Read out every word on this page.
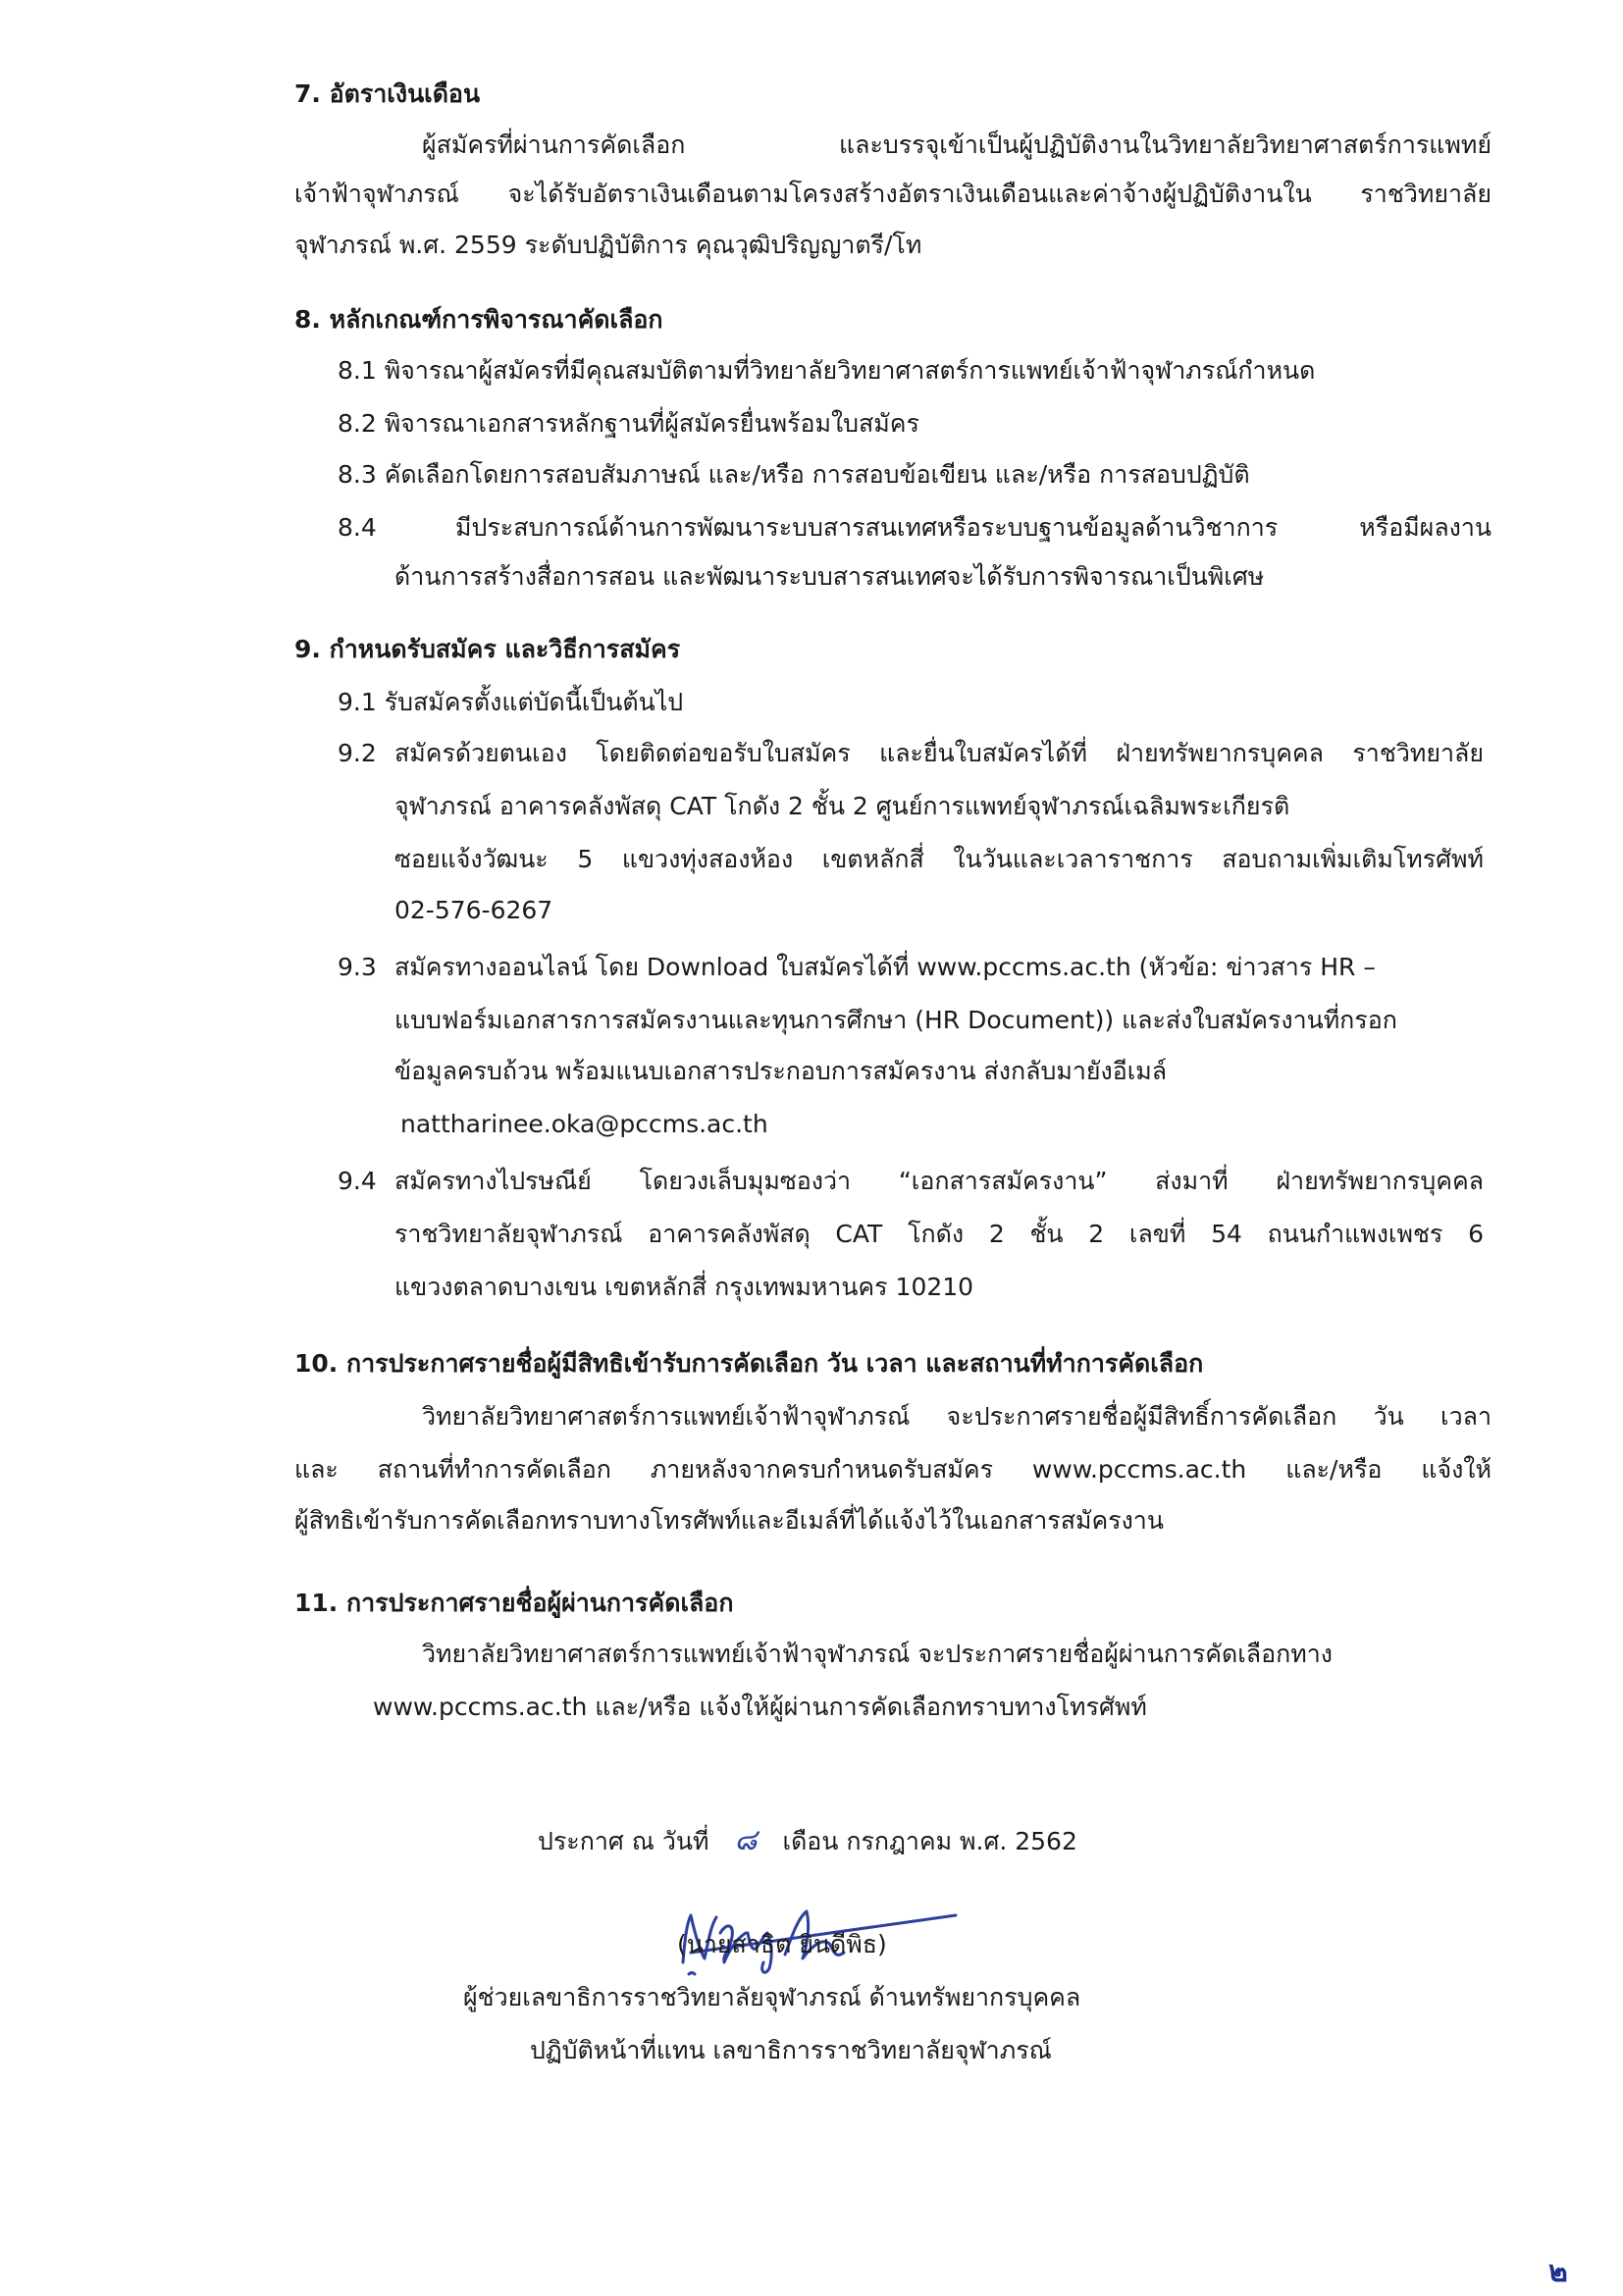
7. อัตราเงินเดือน
ผู้สมัครที่ผ่านการคัดเลือก และบรรจุเข้าเป็นผู้ปฏิบัติงานในวิทยาลัยวิทยาศาสตร์การแพทย์
เจ้าฟ้าจุฬาภรณ์ จะได้รับอัตราเงินเดือนตามโครงสร้างอัตราเงินเดือนและค่าจ้างผู้ปฏิบัติงานใน ราชวิทยาลัย
จุฬาภรณ์ พ.ศ. 2559 ระดับปฏิบัติการ คุณวุฒิปริญญาตรี/โท
8. หลักเกณฑ์การพิจารณาคัดเลือก
8.1 พิจารณาผู้สมัครที่มีคุณสมบัติตามที่วิทยาลัยวิทยาศาสตร์การแพทย์เจ้าฟ้าจุฬาภรณ์กำหนด
8.2 พิจารณาเอกสารหลักฐานที่ผู้สมัครยื่นพร้อมใบสมัคร
8.3 คัดเลือกโดยการสอบสัมภาษณ์ และ/หรือ การสอบข้อเขียน และ/หรือ การสอบปฏิบัติ
8.4	มีประสบการณ์ด้านการพัฒนาระบบสารสนเทศหรือระบบฐานข้อมูลด้านวิชาการ หรือมีผลงาน
ด้านการสร้างสื่อการสอน และพัฒนาระบบสารสนเทศจะได้รับการพิจารณาเป็นพิเศษ
9. กำหนดรับสมัคร และวิธีการสมัคร
9.1 รับสมัครตั้งแต่บัดนี้เป็นต้นไป
9.2 สมัครด้วยตนเอง โดยติดต่อขอรับใบสมัคร และยื่นใบสมัครได้ที่ ฝ่ายทรัพยากรบุคคล ราชวิทยาลัย
จุฬาภรณ์ อาคารคลังพัสดุ CAT โกดัง 2 ชั้น 2 ศูนย์การแพทย์จุฬาภรณ์เฉลิมพระเกียรติ
ซอยแจ้งวัฒนะ 5 แขวงทุ่งสองห้อง เขตหลักสี่ ในวันและเวลาราชการ สอบถามเพิ่มเติมโทรศัพท์
02-576-6267
9.3 สมัครทางออนไลน์ โดย Download ใบสมัครได้ที่ www.pccms.ac.th (หัวข้อ: ข่าวสาร HR –
แบบฟอร์มเอกสารการสมัครงานและทุนการศึกษา (HR Document)) และส่งใบสมัครงานที่กรอก
ข้อมูลครบถ้วน พร้อมแนบเอกสารประกอบการสมัครงาน ส่งกลับมายังอีเมล์
nattharinee.oka@pccms.ac.th
9.4 สมัครทางไปรษณีย์ โดยวงเล็บมุมซองว่า “เอกสารสมัครงาน” ส่งมาที่ ฝ่ายทรัพยากรบุคคล
ราชวิทยาลัยจุฬาภรณ์ อาคารคลังพัสดุ CAT โกดัง 2 ชั้น 2 เลขที่ 54 ถนนกำแพงเพชร 6
แขวงตลาดบางเขน เขตหลักสี่ กรุงเทพมหานคร 10210
10. การประกาศรายชื่อผู้มีสิทธิเข้ารับการคัดเลือก วัน เวลา และสถานที่ทำการคัดเลือก
วิทยาลัยวิทยาศาสตร์การแพทย์เจ้าฟ้าจุฬาภรณ์ จะประกาศรายชื่อผู้มีสิทธิ์การคัดเลือก วัน เวลา
และ สถานที่ทำการคัดเลือก ภายหลังจากครบกำหนดรับสมัคร www.pccms.ac.th และ/หรือ แจ้งให้
ผู้สิทธิเข้ารับการคัดเลือกทราบทางโทรศัพท์และอีเมล์ที่ได้แจ้งไว้ในเอกสารสมัครงาน
11. การประกาศรายชื่อผู้ผ่านการคัดเลือก
วิทยาลัยวิทยาศาสตร์การแพทย์เจ้าฟ้าจุฬาภรณ์ จะประกาศรายชื่อผู้ผ่านการคัดเลือกทาง
www.pccms.ac.th และ/หรือ แจ้งให้ผู้ผ่านการคัดเลือกทราบทางโทรศัพท์
ประกาศ ณ วันที่ ๘ เดือน กรกฎาคม พ.ศ. 2562
(นายสาธิต ยินดีพิธ)
ผู้ช่วยเลขาธิการราชวิทยาลัยจุฬาภรณ์ ด้านทรัพยากรบุคคล
ปฏิบัติหน้าที่แทน เลขาธิการราชวิทยาลัยจุฬาภรณ์
๒
